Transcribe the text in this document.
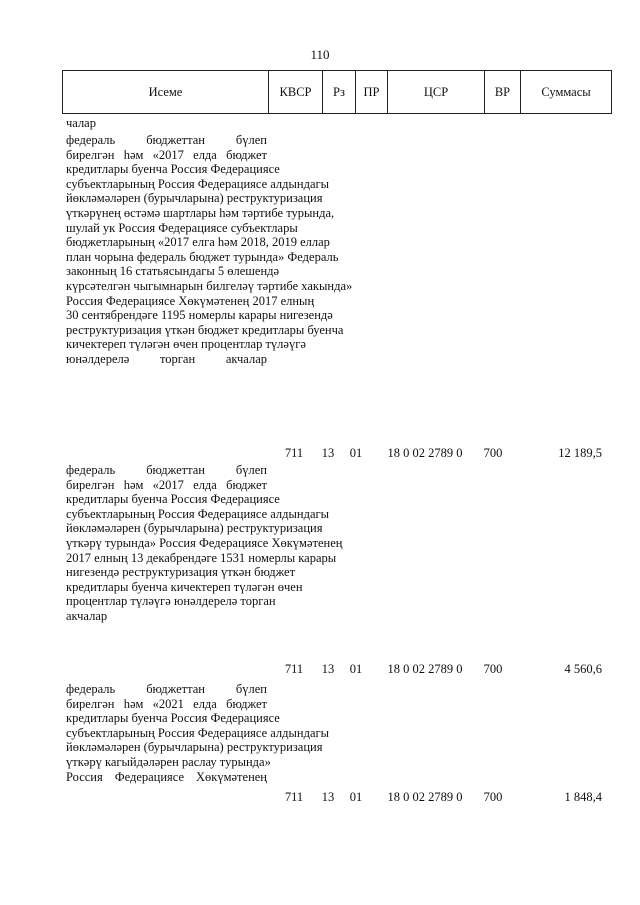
110
Исеме	КВСР	Рз	ПР	ЦСР	ВР	Суммасы
чалар
федераль бюджеттан бүлеп
бирелгән һәм «2017 елда бюджет
кредитлары буенча Россия Федерациясе
субъектларының Россия Федерациясе алдындагы
йөкләмәләрен (бурычларына) реструктуризация
үткәрүнең өстәмә шартлары һәм тәртибе турында,
шулай ук Россия Федерациясе субъектлары
бюджетларының «2017 елга һәм 2018, 2019 еллар
план чорына федераль бюджет турында» Федераль
законның 16 статьясындагы 5 өлешендә
күрсәтелгән чыгымнарын билгеләү тәртибе хакында»
Россия Федерациясе Хөкүмәтенең 2017 елның
30 сентябрендәге 1195 номерлы карары нигезендә
реструктуризация үткән бюджет кредитлары буенча
кичектереп түләгән өчен процентлар түләүгә
юнәлдерелә торган акчалар
711	13	01	18 0 02 2789 0	700	12 189,5
федераль бюджеттан бүлеп
бирелгән һәм «2017 елда бюджет
кредитлары буенча Россия Федерациясе
субъектларының Россия Федерациясе алдындагы
йөкләмәләрен (бурычларына) реструктуризация
үткәрү турында» Россия Федерациясе Хөкүмәтенең
2017 елның 13 декабрендәге 1531 номерлы карары
нигезендә реструктуризация үткән бюджет
кредитлары буенча кичектереп түләгән өчен
процентлар түләүгә юнәлдерелә торган
акчалар
711	13	01	18 0 02 2789 0	700	4 560,6
федераль бюджеттан бүлеп
бирелгән һәм «2021 елда бюджет
кредитлары буенча Россия Федерациясе
субъектларының Россия Федерациясе алдындагы
йөкләмәләрен (бурычларына) реструктуризация
үткәрү кагыйдәләрен раслау турында»
Россия Федерациясе Хөкүмәтенең
711	13	01	18 0 02 2789 0	700	1 848,4
